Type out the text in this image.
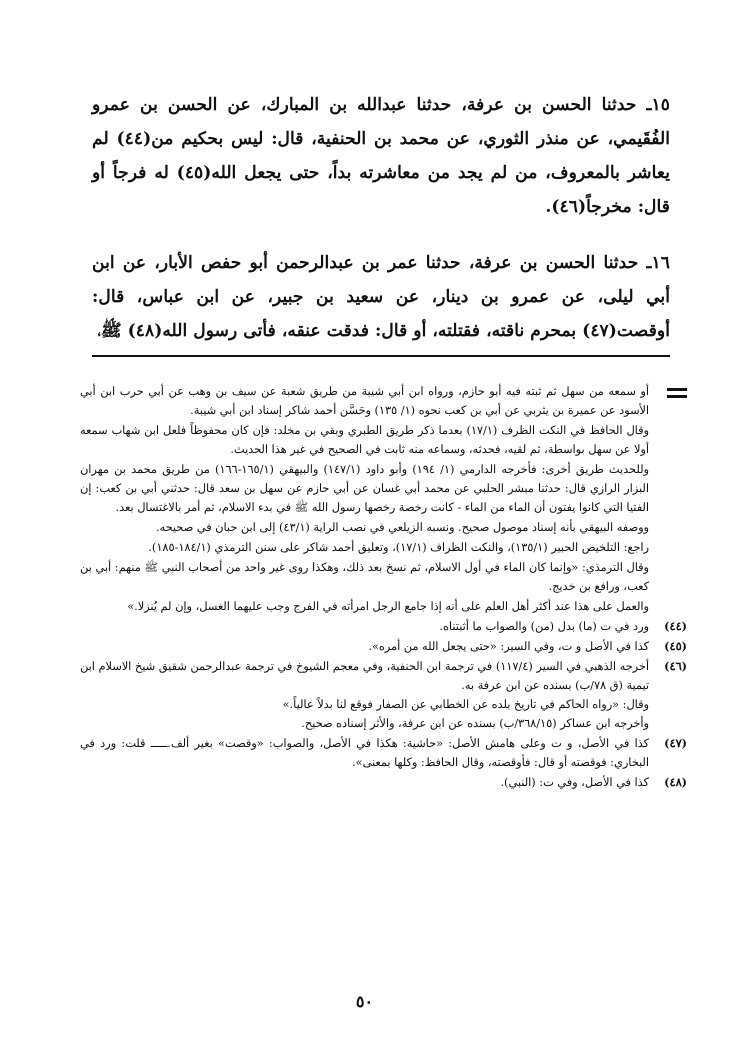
١٥ـ حدثنا الحسن بن عرفة، حدثنا عبدالله بن المبارك، عن الحسن بن عمرو الفُقَيمي، عن منذر الثوري، عن محمد بن الحنفية، قال: ليس بحكيم من(٤٤) لم يعاشر بالمعروف، من لم يجد من معاشرته بداً، حتى يجعل الله(٤٥) له فرجاً أو قال: مخرجاً(٤٦).

١٦ـ حدثنا الحسن بن عرفة، حدثنا عمر بن عبدالرحمن أبو حفص الأبار، عن ابن أبي ليلى، عن عمرو بن دينار، عن سعيد بن جبير، عن ابن عباس، قال: أوقصت(٤٧) بمحرم ناقته، فقتلته، أو قال: فدقت عنقه، فأتى رسول الله(٤٨) ﷺ،

أو سمعه من سهل ثم ثبته فيه أبو حازم، ورواه ابن أبي شيبة من طريق شعبة عن سيف بن وهب عن أبي حرب ابن أبي الأسود عن عميرة بن يثربي عن أبي بن كعب نحوه (١/ ١٣٥) وحَسَّن أحمد شاكر إسناد ابن أبي شيبة.

وقال الحافظ في النكت الظرف (١٧/١) بعدما ذكر طريق الطبري وبقي بن مخلد: فإن كان محفوظاً فلعل ابن شهاب سمعه أولا عن سهل بواسطة، ثم لقيه، فحدثه، وسماعه منه ثابت في الصحيح في غير هذا الحديث.

وللحديث طريق أخرى: فأخرجه الدارمي (١/ ١٩٤) وأبو داود (١٤٧/١) والبيهقي (١٦٥/١-١٦٦) من طريق محمد بن مهران البزار الرازي قال: حدثنا مبشر الحلبي عن محمد أبي غسان عن أبي حازم عن سهل بن سعد قال: حدثني أبي بن كعب: إن الفتيا التي كانوا يفتون أن الماء من الماء - كانت رخصة رخصها رسول الله ﷺ في بدء الاسلام، ثم أمر بالاغتسال بعد.

ووصفه البيهقي بأنه إسناد موصول صحيح. ونسبه الزيلعي في نصب الراية (٤٣/١) إلى ابن حبان في صحيحه.

راجع: التلخيص الحبير (١٣٥/١)، والنكت الظراف (١٧/١)، وتعليق أحمد شاكر على سنن الترمذي (١٨٤/١-١٨٥).

وقال الترمذي: «وإنما كان الماء في أول الاسلام، ثم نسخ بعد ذلك، وهكذا روى غير واحد من أصحاب النبي ﷺ منهم: أبي بن كعب، ورافع بن خديج.

والعمل على هذا عند أكثر أهل العلم على أنه إذا جامع الرجل امرأته في الفرج وجب عليهما الغسل، وإن لم يُنزلا.»

(٤٤)

ورد في ت (ما) بدل (من) والصواب ما أثبتناه.

(٤٥)

كذا في الأصل و ت، وفي السير: «حتى يجعل الله من أمره».

(٤٦)

أخرجه الذهبي في السير (١١٧/٤) في ترجمة ابن الحنفية، وفي معجم الشيوخ في ترجمة عبدالرحمن شقيق شيخ الاسلام ابن تيمية (ق ٧٨/ب) بسنده عن ابن عرفة به.

وقال: «رواه الحاكم في تاريخ بلده عن الخطابي عن الصفار فوقع لنا بدلاً عالياً.»

وأخرجه ابن عساكر (٣٦٨/١٥/ب) بسنده عن ابن عرفة، والأثر إسناده صحيح.

(٤٧)

كذا في الأصل، و ت وعلى هامش الأصل: «حاشية: هكذا في الأصل، والصواب: «وقصت» بغير ألف.ـــــ قلت: ورد في البخاري: فوقصته أو قال: فأوقصته، وقال الحافظ: وكلها بمعنى».

(٤٨)

كذا في الأصل، وفي ت: (النبي).

٥٠
